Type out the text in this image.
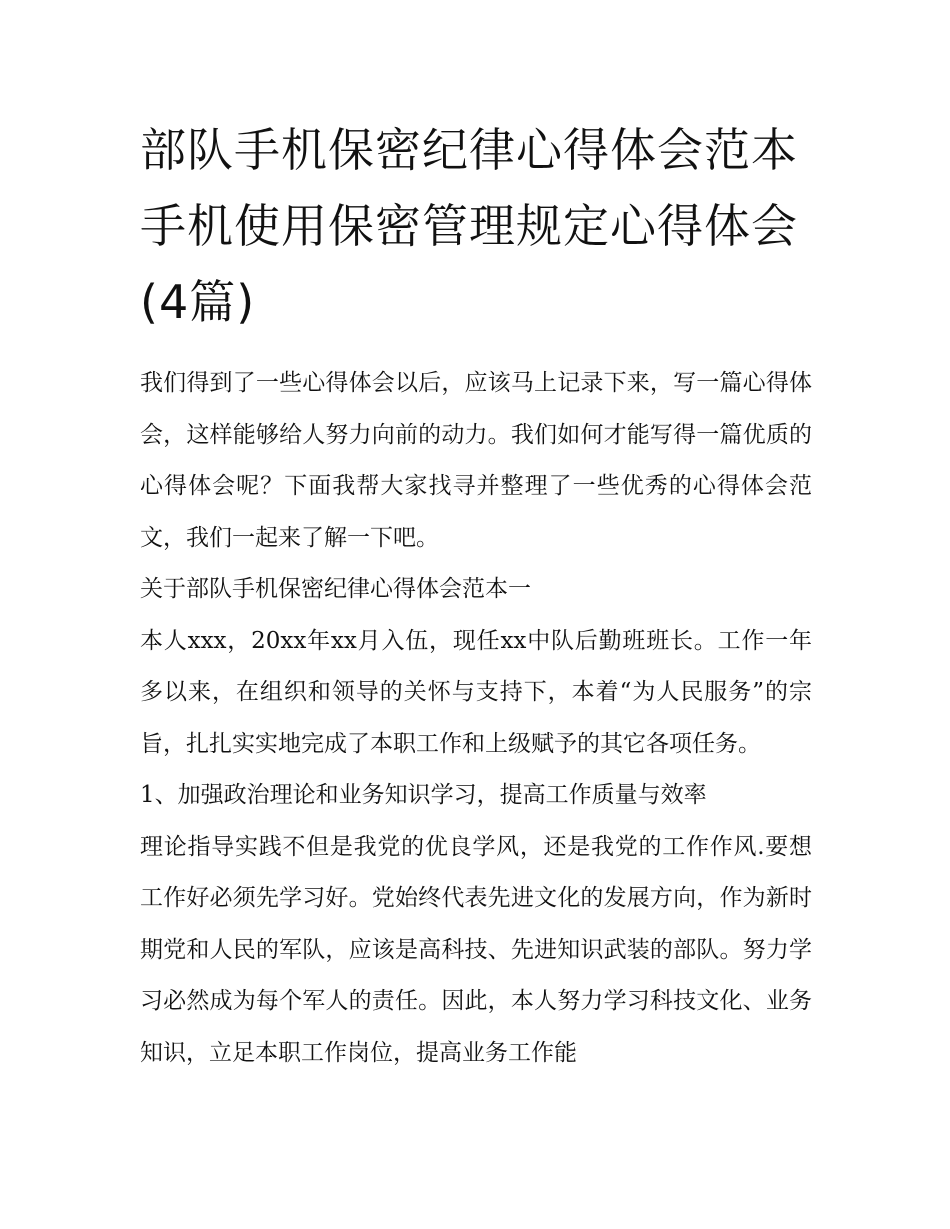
部队手机保密纪律心得体会范本 手机使用保密管理规定心得体会(4篇)

我们得到了一些心得体会以后，应该马上记录下来，写一篇心得体会，这样能够给人努力向前的动力。我们如何才能写得一篇优质的心得体会呢？下面我帮大家找寻并整理了一些优秀的心得体会范文，我们一起来了解一下吧。

关于部队手机保密纪律心得体会范本一

本人xxx，20xx年xx月入伍，现任xx中队后勤班班长。工作一年多以来，在组织和领导的关怀与支持下，本着“为人民服务”的宗旨，扎扎实实地完成了本职工作和上级赋予的其它各项任务。

1、加强政治理论和业务知识学习，提高工作质量与效率

理论指导实践不但是我党的优良学风，还是我党的工作作风.要想工作好必须先学习好。党始终代表先进文化的发展方向，作为新时期党和人民的军队，应该是高科技、先进知识武装的部队。努力学习必然成为每个军人的责任。因此，本人努力学习科技文化、业务知识，立足本职工作岗位，提高业务工作能
